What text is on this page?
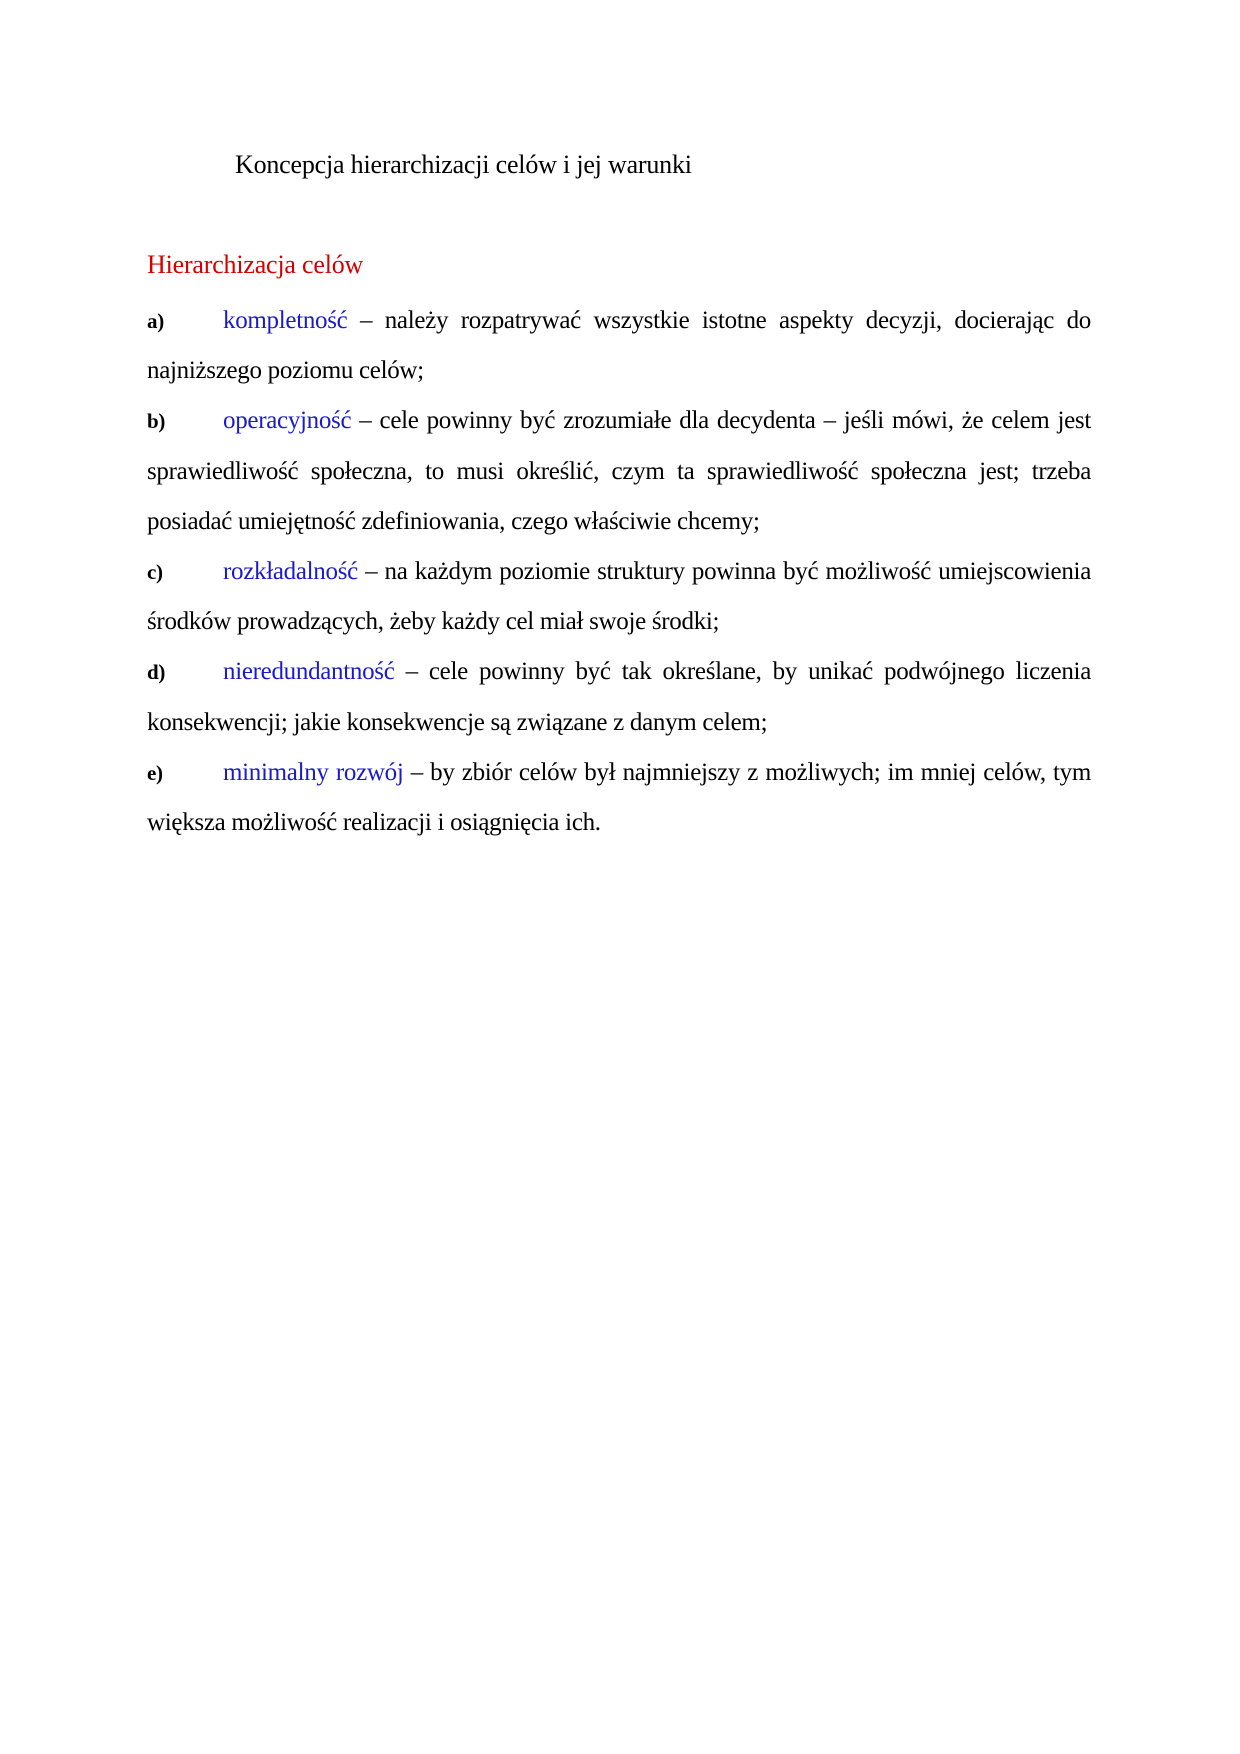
Koncepcja hierarchizacji celów i jej warunki
Hierarchizacja celów

a) kompletność – należy rozpatrywać wszystkie istotne aspekty decyzji, docierając do najniższego poziomu celów;

b) operacyjność – cele powinny być zrozumiałe dla decydenta – jeśli mówi, że celem jest sprawiedliwość społeczna, to musi określić, czym ta sprawiedliwość społeczna jest; trzeba posiadać umiejętność zdefiniowania, czego właściwie chcemy;

c) rozkładalność – na każdym poziomie struktury powinna być możliwość umiejscowienia środków prowadzących, żeby każdy cel miał swoje środki;

d) nieredundantność – cele powinny być tak określane, by unikać podwójnego liczenia konsekwencji; jakie konsekwencje są związane z danym celem;

e) minimalny rozwój – by zbiór celów był najmniejszy z możliwych; im mniej celów, tym większa możliwość realizacji i osiągnięcia ich.
